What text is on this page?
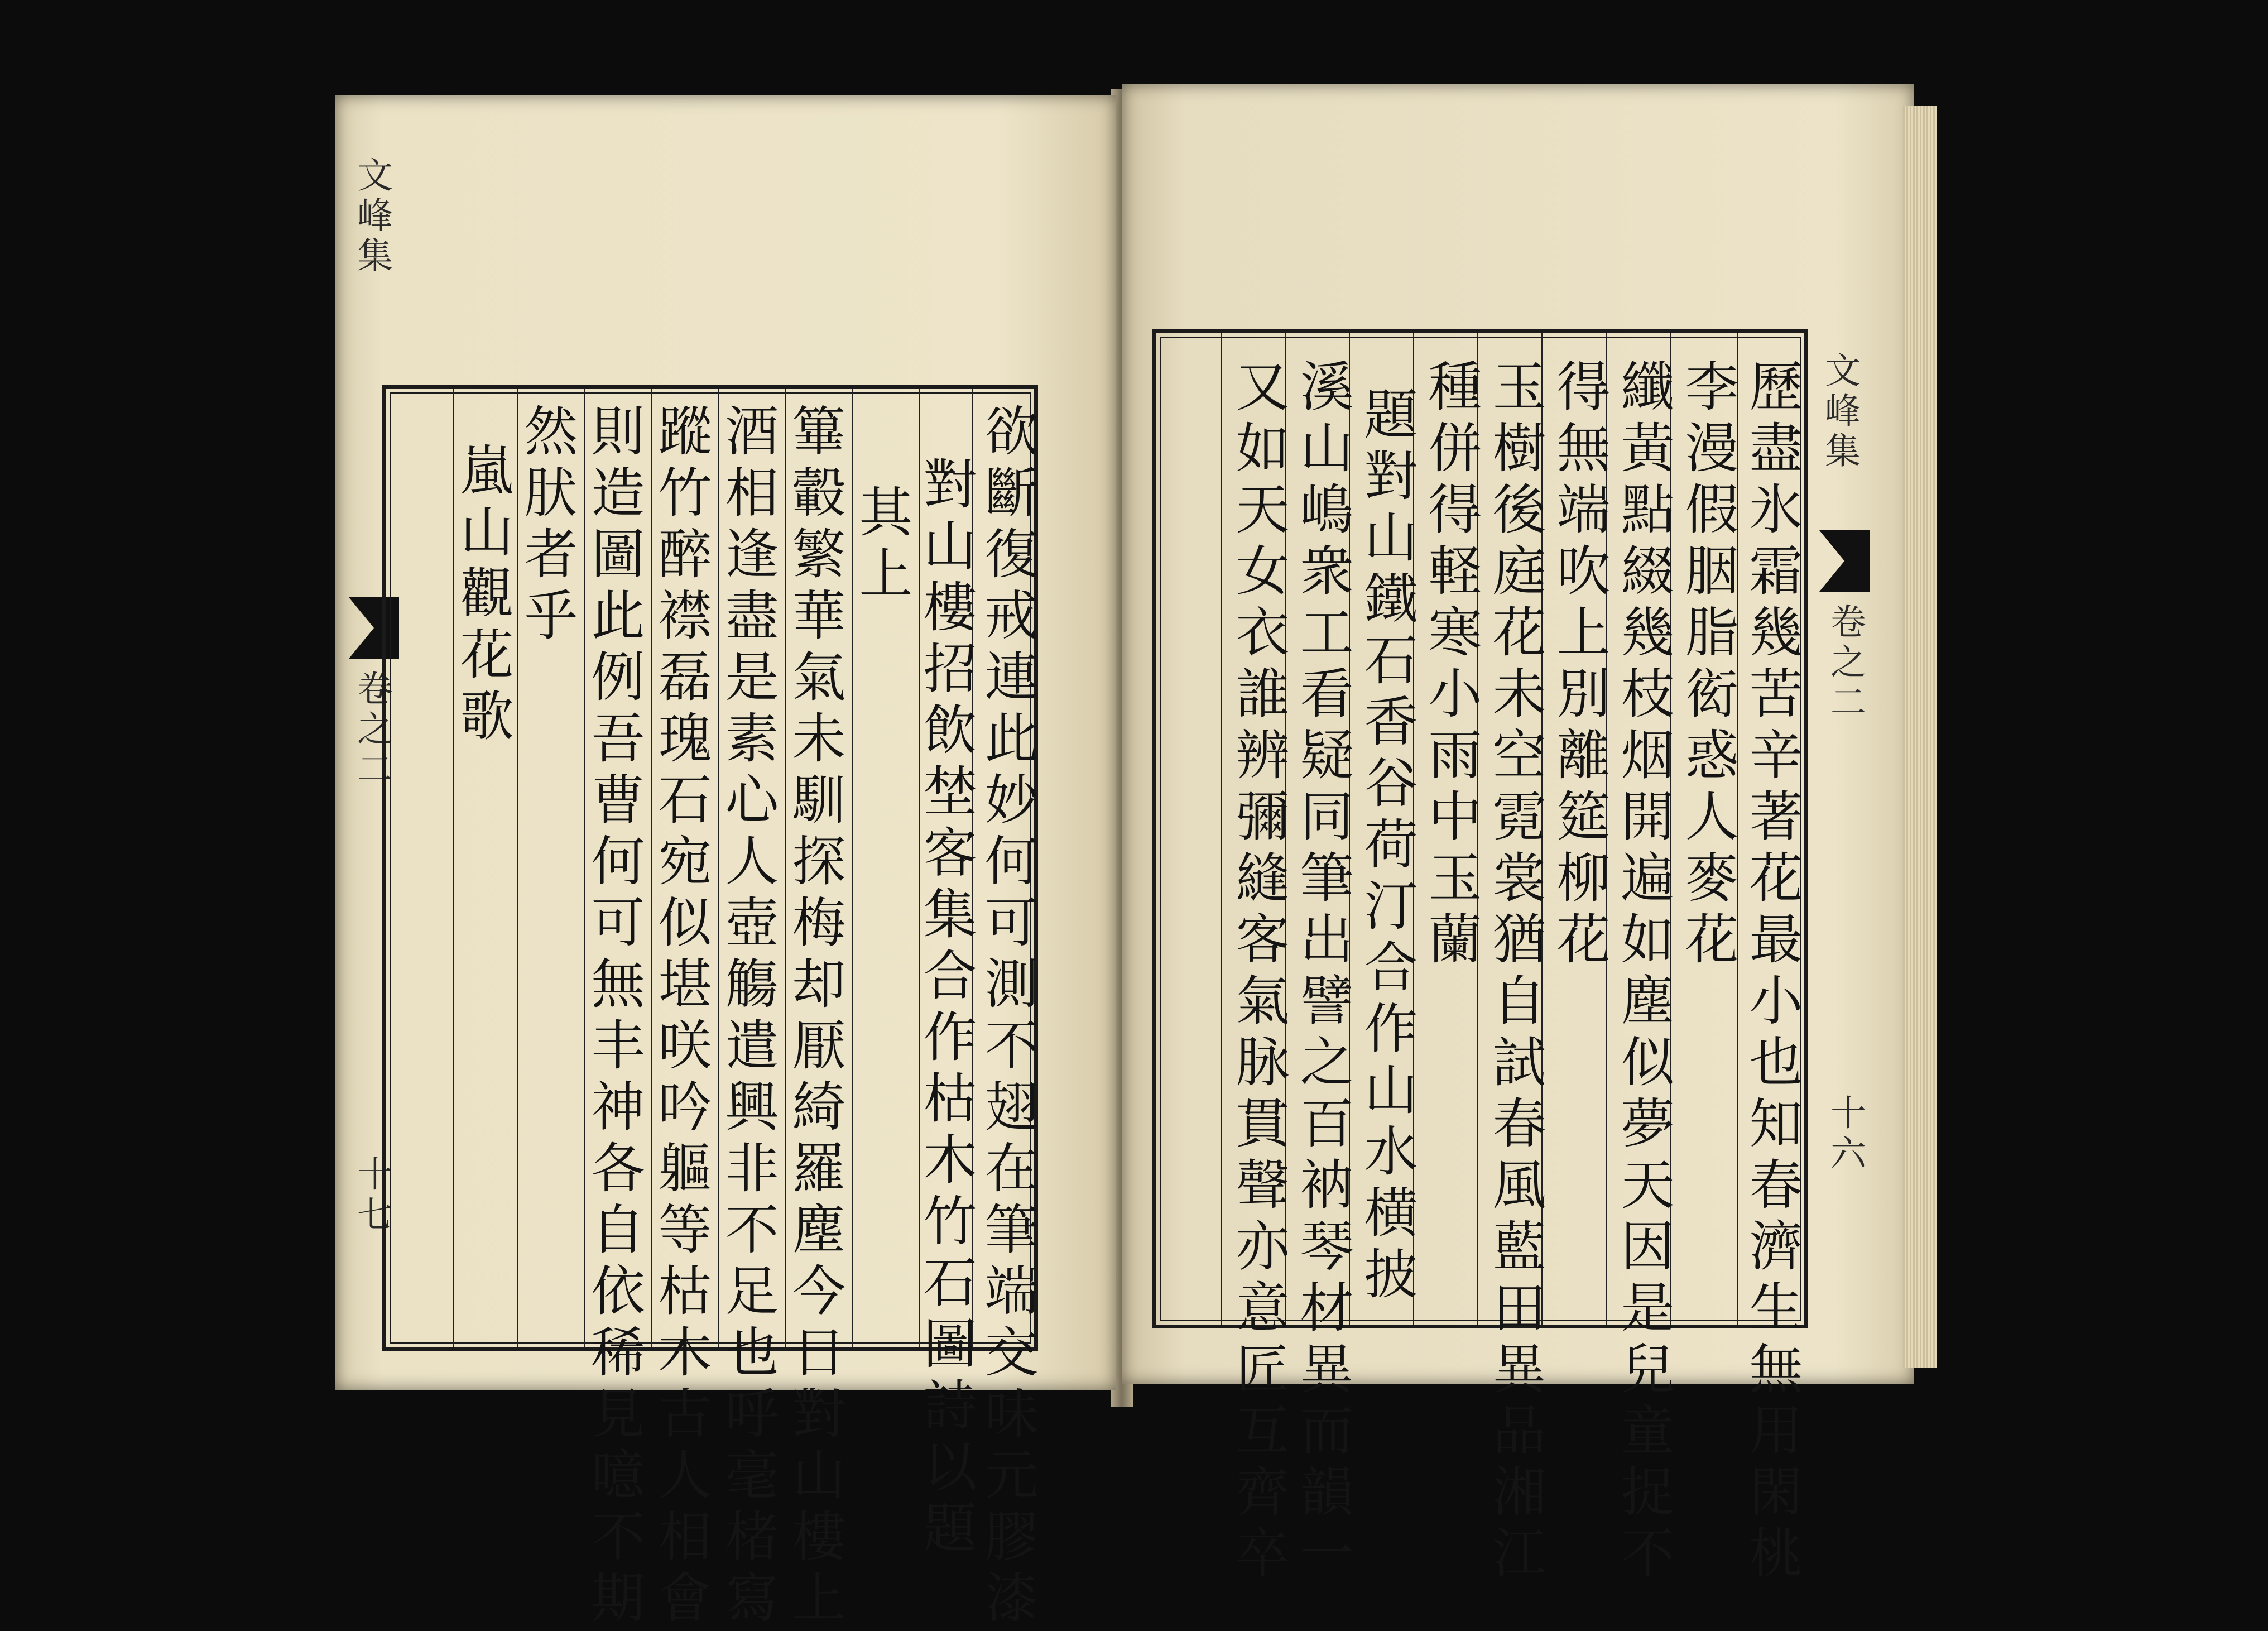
文峰集
卷之二
十七	欲斷復戒連此妙何可測不翅在筆端交味元膠漆
對山樓招飲埜客集合作枯木竹石圖詩以題
其上
篳轂繁華氣未馴探梅却厭綺羅塵今日對山樓上
酒相逢盡是素心人壺觴遣興非不足也呼毫楮寫
蹤竹醉襟磊瑰石宛似堪咲吟軀等枯木古人相會
則造圖此例吾曹何可無丰神各自依稀見噫不期
然肰者乎
嵐山觀花歌
文峰集
卷之二
十六
歷盡氷霜幾苦辛著花最小也知春濟生無用閑桃
李漫假胭脂衒惑人麥花
纖黃點綴幾枝烟開遍如塵似夢天因是兒童捉不
得無端吹上別離筵柳花
玉樹後庭花未空霓裳猶自試春風藍田異品湘江
種併得軽寒小雨中玉蘭
題對山鐵石香谷荷汀合作山水横披
溪山嶋衆工看疑同筆出譬之百衲琴材異而韻一
又如天女衣誰辨彌縫客氣脉貫聲亦意匠互齊卒
